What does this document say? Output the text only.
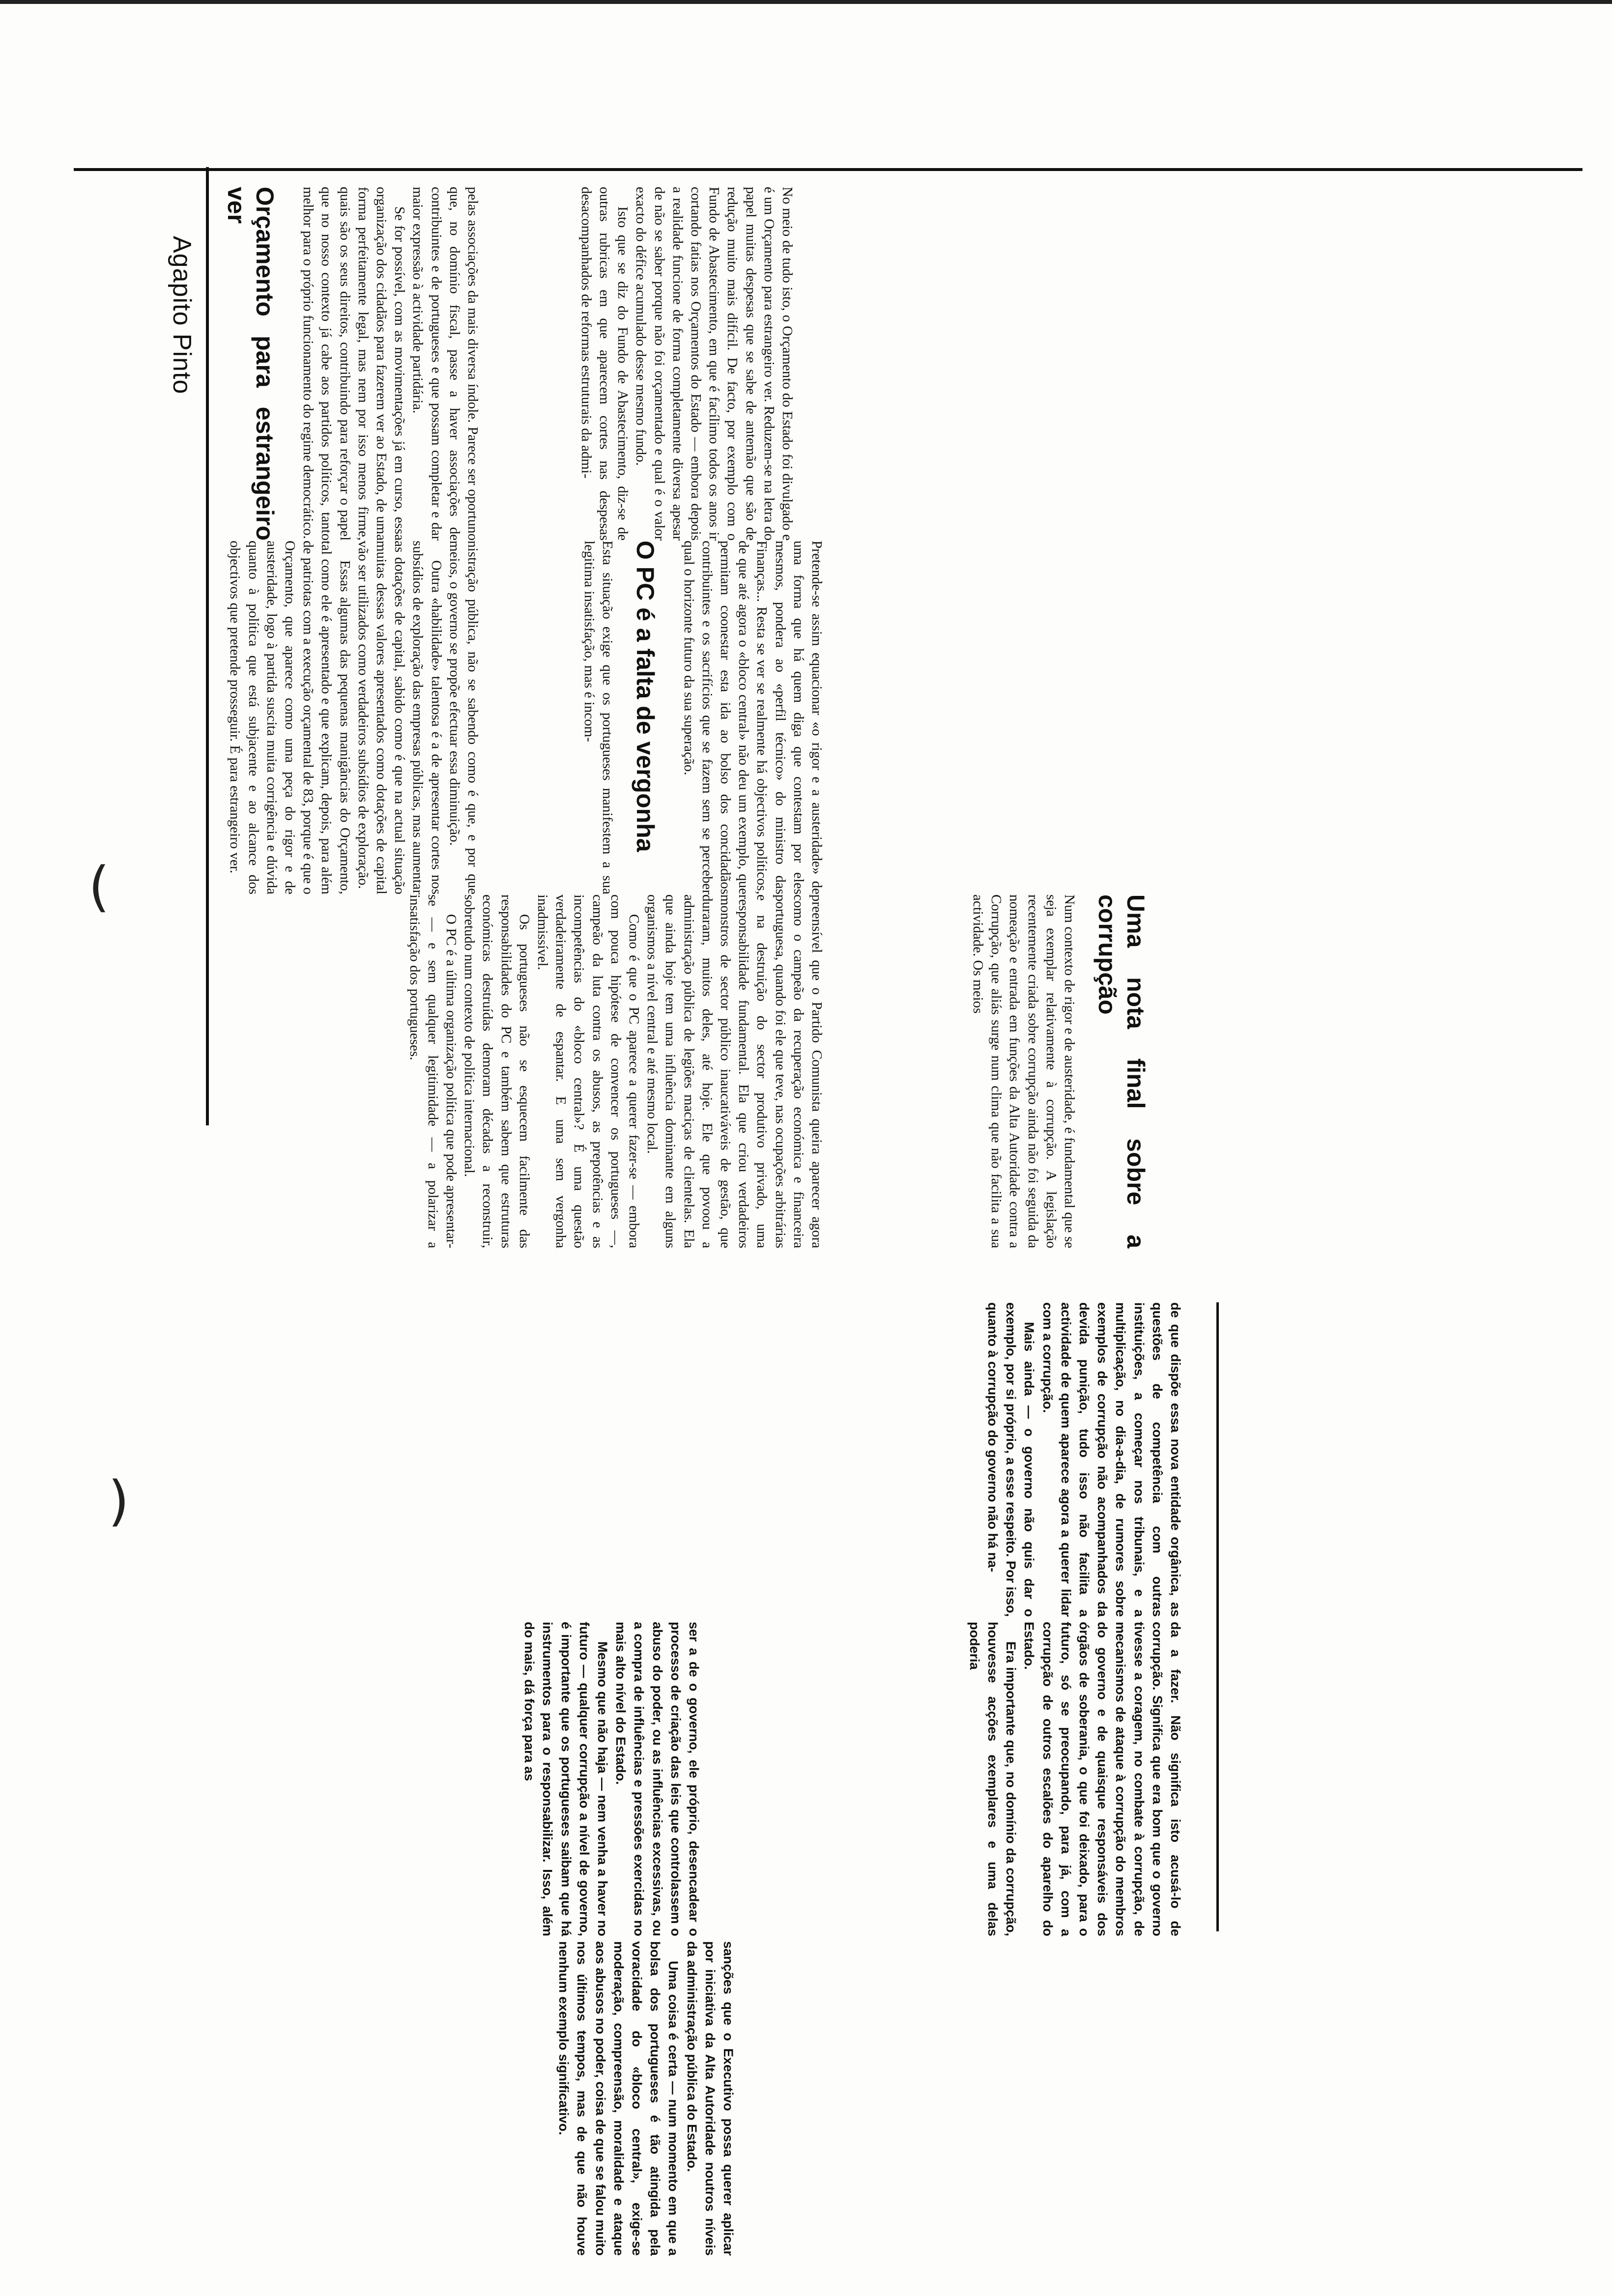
Agapito Pinto	pelas associações da mais diversa índole. Parece ser oportuno que, no domínio fiscal, passe a haver associações de contribuintes e de portugueses e que possam completar e dar maior expressão à actividade partidária.

Se for possível, com as movimentações já em curso, essa organização dos cidadãos para fazerem ver ao Estado, de uma forma perfeitamente legal, mas nem por isso menos firme, quais são os seus direitos, contribuindo para reforçar o papel que no nosso contexto já cabe aos partidos políticos, tanto melhor para o próprio funcionamento do regime democrático.

Orçamento para estrangeiro ver	No meio de tudo isto, o Orçamento do Estado foi divulgado e é um Orçamento para estrangeiro ver. Reduzem-se na letra do papel muitas despesas que se sabe de antemão que são de redução muito mais difícil. De facto, por exemplo com o Fundo de Abastecimento, em que é facílimo todos os anos ir cortando fatias nos Orçamentos do Estado — embora depois a realidade funcione de forma completamente diversa apesar de não se saber porque não foi orçamentado e qual é o valor exacto do défice acumulado desse mesmo fundo.

Isto que se diz do Fundo de Abastecimento, diz-se de outras rubricas em que aparecem cortes nas despesas desacompanhados de reformas estruturais da admi-

nistração pública, não se sabendo como é que, e por que meios, o governo se propõe efectuar essa diminuição.

Outra «habilidade» talentosa é a de apresentar cortes nos subsídios de exploração das empresas públicas, mas aumentar as dotações de capital, sabido como é que na actual situação muitas dessas valores apresentados como dotações de capital vão ser utilizados como verdadeiros subsídios de exploração.

Essas algumas das pequenas manigâncias do Orçamento, tal como ele é apresentado e que explicam, depois, para além de patriotas com a execução orçamental de 83, porque é que o Orçamento, que aparece como uma peça do rigor e de austeridade, logo à partida suscita muita corrigência e dúvida quanto à política que está subjacente e ao alcance dos objectivos que pretende prosseguir. É para estrangeiro ver.	Pretende-se assim equacionar «o rigor e a austeridade» de uma forma que há quem diga que contestam por eles mesmos, pondera ao «perfil técnico» do ministro das Finanças... Resta se ver se realmente há objectivos políticos, de que até agora o «bloco central» não deu um exemplo, que permitam coonestar esta ida ao bolso dos concidadãos contribuintes e os sacrifícios que se fazem sem se perceber qual o horizonte futuro da sua superação.

O PC é a falta de vergonha

Esta situação exige que os portugueses manifestem a sua legitima insatisfação, mas é incom-

preensível que o Partido Comunista queira aparecer agora como o campeão da recuperação económica e financeira portuguesa, quando foi ele que teve, nas ocupações arbitrárias e na destruição do sector produtivo privado, uma responsabilidade fundamental. Ela que criou verdadeiros monstros de sector público inaucativáveis de gestão, que duraram, muitos deles, até hoje. Ele que povoou a administração pública de legiões maciças de clientelas. Ela que ainda hoje tem uma influência dominante em alguns organismos a nível central e até mesmo local.

Como é que o PC aparece a querer fazer-se — embora com pouca hipótese de convencer os portugueses —, campeão da luta contra os abusos, as prepotências e as incompetências do «bloco central»? É uma questão verdadeiramente de espantar. E uma sem vergonha inadmissível.

Os portugueses não se esquecem facilmente das responsabilidades do PC e também sabem que estruturas económicas destruídas demoram décadas a reconstruir, sobretudo num contexto de política internacional.

O PC é a última organização política que pode apresentar-se — e sem qualquer legitimidade — a polarizar a insatisfação dos portugueses.	Uma nota final sobre a corrupção

Num contexto de rigor e de austeridade, é fundamental que se seja exemplar relativamente à corrupção. A legislação recentemente criada sobre corrupção ainda não foi seguida da nomeação e entrada em funções da Alta Autoridade contra a Corrupção, que aliás surge num clima que não facilita a sua actividade. Os meios

de que dispõe essa nova entidade orgânica, as questões de competência com outras instituições, a começar nos tribunais, e a multiplicação, no dia-a-dia, de rumores sobre exemplos de corrupção não acompanhados da devida punição, tudo isso não facilita a actividade de quem aparece agora a querer lidar com a corrupção.

Mais ainda — o governo não quis dar o exemplo, por si próprio, a esse respeito. Por isso, quanto à corrupção do governo não há na-

ser a de o governo, ele próprio, desencadear o processo de criação das leis que controlassem o abuso do poder, ou as influências excessivas, ou a compra de influências e pressões exercidas no mais alto nível do Estado.

Mesmo que não haja — nem venha a haver no futuro — qualquer corrupção a nível de governo, é importante que os portugueses saibam que há instrumentos para o responsabilizar. Isso, além do mais, dá força para as	da a fazer. Não significa isto acusá-lo de corrupção. Significa que era bom que o governo tivesse a coragem, no combate à corrupção, de mecanismos de ataque à corrupção do membros do governo e de quaisque responsáveis dos órgãos de soberania, o que foi deixado, para o futuro, só se preocupando, para já, com a corrupção de outros escalões do aparelho do Estado.

Era importante que, no domínio da corrupção, houvesse acções exemplares e uma delas poderia

sanções que o Executivo possa querer aplicar por iniciativa da Alta Autoridade noutros níveis da administração pública do Estado.

Uma coisa é certa — num momento em que a bolsa dos portugueses é tão atingida pela voracidade do «bloco central», exige-se moderação, compreensão, moralidade e ataque aos abusos no poder, coisa de que se falou muito nos últimos tempos, mas de que não houve nenhum exemplo significativo.

(
)
